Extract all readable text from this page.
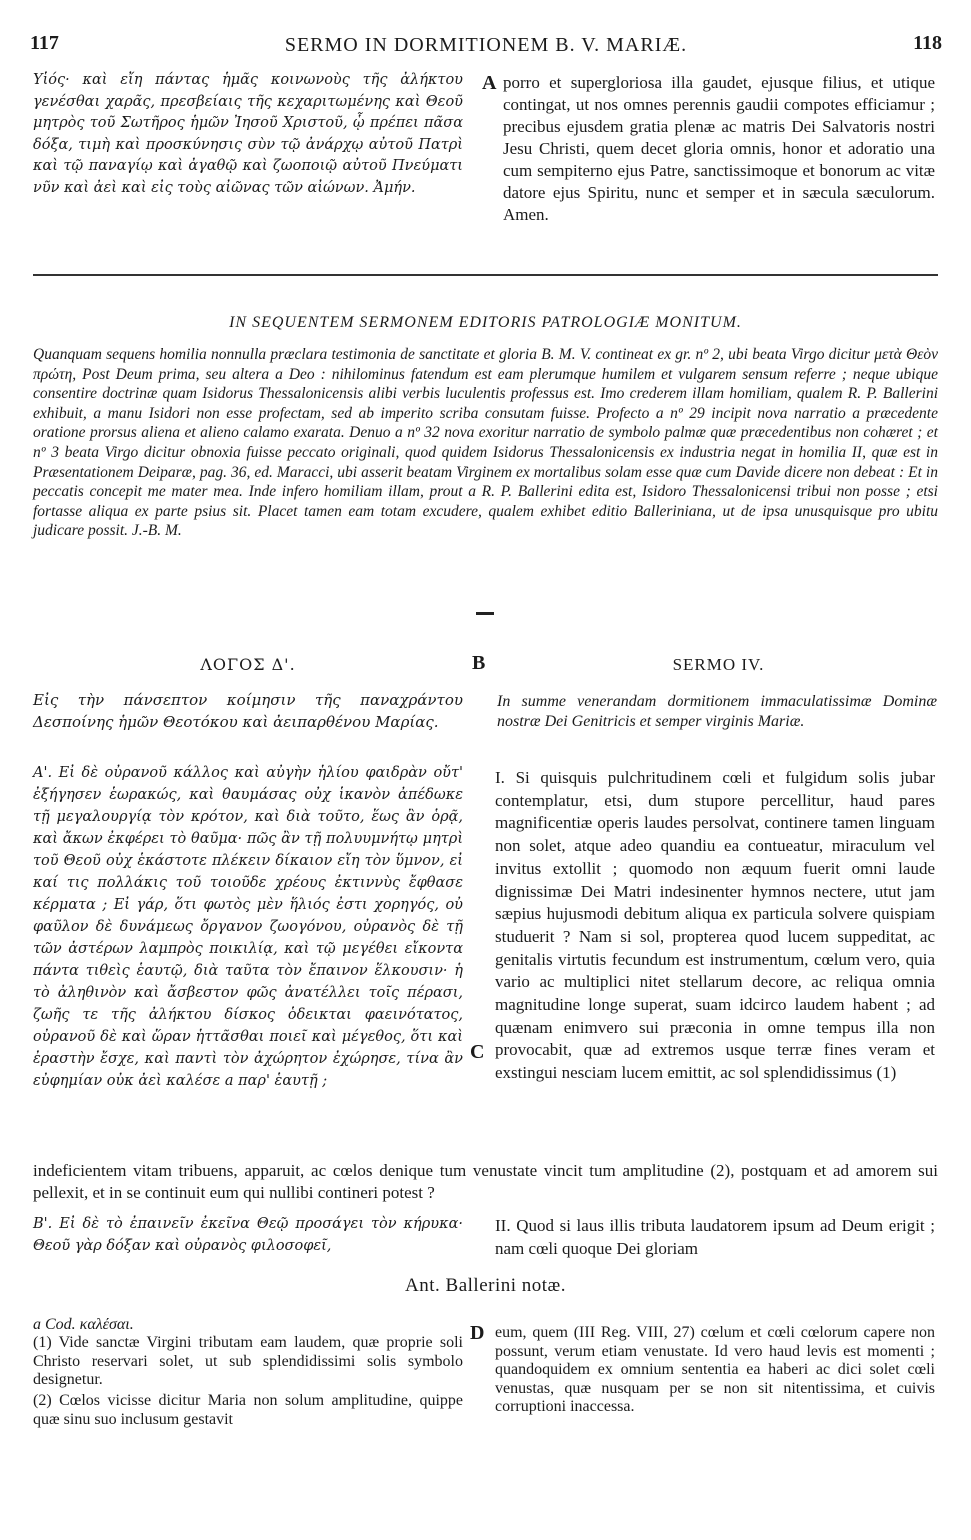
117	SERMO IN DORMITIONEM B. V. MARIÆ.	118
Υἱός· καὶ εἴη πάντας ἡμᾶς κοινωνοὺς τῆς ἀλήκτου γενέσθαι χαρᾶς, πρεσβείαις τῆς κεχαριτωμένης καὶ Θεοῦ μητρὸς τοῦ Σωτῆρος ἡμῶν Ἰησοῦ Χριστοῦ, ᾧ πρέπει πᾶσα δόξα, τιμὴ καὶ προσκύνησις σὺν τῷ ἀνάρχῳ αὐτοῦ Πατρὶ καὶ τῷ παναγίῳ καὶ ἀγαθῷ καὶ ζωοποιῷ αὐτοῦ Πνεύματι νῦν καὶ ἀεὶ καὶ εἰς τοὺς αἰῶνας τῶν αἰώνων. Ἀμήν.
A porro et supergloriosa illa gaudet, ejusque filius, et utique contingat, ut nos omnes perennis gaudii compotes efficiamur ; precibus ejusdem gratia plenæ ac matris Dei Salvatoris nostri Jesu Christi, quem decet gloria omnis, honor et adoratio una cum sempiterno ejus Patre, sanctissimoque et bonorum ac vitæ datore ejus Spiritu, nunc et semper et in sæcula sæculorum. Amen.
IN SEQUENTEM SERMONEM EDITORIS PATROLOGIÆ MONITUM.
Quanquam sequens homilia nonnulla præclara testimonia de sanctitate et gloria B. M. V. contineat ex gr. nº 2, ubi beata Virgo dicitur μετὰ Θεὸν πρώτη, Post Deum prima, seu altera a Deo : nihilominus fatendum est eam plerumque humilem et vulgarem sensum referre ; neque ubique consentire doctrinæ quam Isidorus Thessalonicensis alibi verbis luculentis professus est. Imo crederem illam homiliam, qualem R. P. Ballerini exhibuit, a manu Isidori non esse profectam, sed ab imperito scriba consutam fuisse. Profecto a nº 29 incipit nova narratio a præcedente oratione prorsus aliena et alieno calamo exarata. Denuo a nº 32 nova exoritur narratio de symbolo palmæ quæ præcedentibus non cohæret ; et nº 3 beata Virgo dicitur obnoxia fuisse peccato originali, quod quidem Isidorus Thessalonicensis ex industria negat in homilia II, quæ est in Præsentationem Deiparæ, pag. 36, ed. Maracci, ubi asserit beatam Virginem ex mortalibus solam esse quæ cum Davide dicere non debeat : Et in peccatis concepit me mater mea. Inde infero homiliam illam, prout a R. P. Ballerini edita est, Isidoro Thessalonicensi tribui non posse ; etsi fortasse aliqua ex parte psius sit. Placet tamen eam totam excudere, qualem exhibet editio Balleriniana, ut de ipsa unusquisque pro ubitu judicare possit. J.-B. M.
ΛΟΓΟΣ Δ'.	B	SERMO IV.
Εἰς τὴν πάνσεπτον κοίμησιν τῆς παναχράντου Δεσποίνης ἡμῶν Θεοτόκου καὶ ἀειπαρθένου Μαρίας.
In summe venerandam dormitionem immaculatissimæ Dominæ nostræ Dei Genitricis et semper virginis Mariæ.
Α'. Εἰ δὲ οὐρανοῦ κάλλος καὶ αὐγὴν ἡλίου φαιδρὰν οὔτ' ἐξήγησεν ἑωρακώς, καὶ θαυμάσας οὐχ ἱκανὸν ἀπέδωκε τῇ μεγαλουργίᾳ τὸν κρότον, καὶ διὰ τοῦτο, ἕως ἂν ὁρᾷ, καὶ ἄκων ἐκφέρει τὸ θαῦμα· πῶς ἂν τῇ πολυυμνήτῳ μητρὶ τοῦ Θεοῦ οὐχ ἑκάστοτε πλέκειν δίκαιον εἴη τὸν ὕμνον, εἰ καί τις πολλάκις τοῦ τοιοῦδε χρέους ἐκτιννὺς ἔφθασε κέρματα ; Εἰ γάρ, ὅτι φωτὸς μὲν ἥλιός ἐστι χορηγός, οὐ φαῦλον δὲ δυνάμεως ὄργανον ζωογόνου, οὐρανὸς δὲ τῇ τῶν ἀστέρων λαμπρὸς ποικιλίᾳ, καὶ τῷ μεγέθει εἴκοντα πάντα τιθεὶς ἑαυτῷ, διὰ ταῦτα τὸν ἔπαινον ἕλκουσιν· ἡ τὸ ἀληθινὸν καὶ ἄσβεστον φῶς ἀνατέλλει τοῖς πέρασι, ζωῆς τε τῆς ἀλήκτου δίσκος ὁδεικται φαεινότατος, οὐρανοῦ δὲ καὶ ὥραν ἡττᾶσθαι ποιεῖ καὶ μέγεθος, ὅτι καὶ ἐραστὴν ἔσχε, καὶ παντὶ τὸν ἀχώρητον ἐχώρησε, τίνα ἂν εὐφημίαν οὐκ ἀεὶ καλέσε a παρ' ἑαυτῇ ;
I. Si quisquis pulchritudinem cœli et fulgidum solis jubar contemplatur, etsi, dum stupore percellitur, haud pares magnificentiæ operis laudes persolvat, continere tamen linguam non solet, atque adeo quandiu ea contueatur, miraculum vel invitus extollit ; quomodo non æquum fuerit omni laude dignissimæ Dei Matri indesinenter hymnos nectere, utut jam sæpius hujusmodi debitum aliqua ex particula solvere quispiam studuerit ? Nam si sol, propterea quod lucem suppeditat, ac genitalis virtutis fecundum est instrumentum, cœlum vero, quia vario ac multiplici nitet stellarum decore, ac reliqua omnia magnitudine longe superat, suam idcirco laudem habent ; ad quænam enimvero sui præconia in omne tempus illa non provocabit, quæ ad extremos usque terræ fines veram et exstingui nesciam lucem emittit, ac sol splendidissimus (1)
C
indeficientem vitam tribuens, apparuit, ac cœlos denique tum venustate vincit tum amplitudine (2), postquam et ad amorem sui pellexit, et in se continuit eum qui nullibi contineri potest ?
Β'. Εἰ δὲ τὸ ἐπαινεῖν ἐκεῖνα Θεῷ προσάγει τὸν κήρυκα· Θεοῦ γὰρ δόξαν καὶ οὐρανὸς φιλοσοφεῖ,
II. Quod si laus illis tributa laudatorem ipsum ad Deum erigit ; nam cœli quoque Dei gloriam
Ant. Ballerini notæ.
a Cod. καλέσαι.
(1) Vide sanctæ Virgini tributam eam laudem, quæ proprie soli Christo reservari solet, ut sub splendidissimi solis symbolo designetur.
(2) Cœlos vicisse dicitur Maria non solum amplitudine, quippe quæ sinu suo inclusum gestavit
D eum, quem (III Reg. VIII, 27) cœlum et cœli cœlorum capere non possunt, verum etiam venustate. Id vero haud levis est momenti ; quandoquidem ex omnium sententia ea haberi ac dici solet cœli venustas, quæ nusquam per se non sit nitentissima, et cuivis corruptioni inaccessa.
